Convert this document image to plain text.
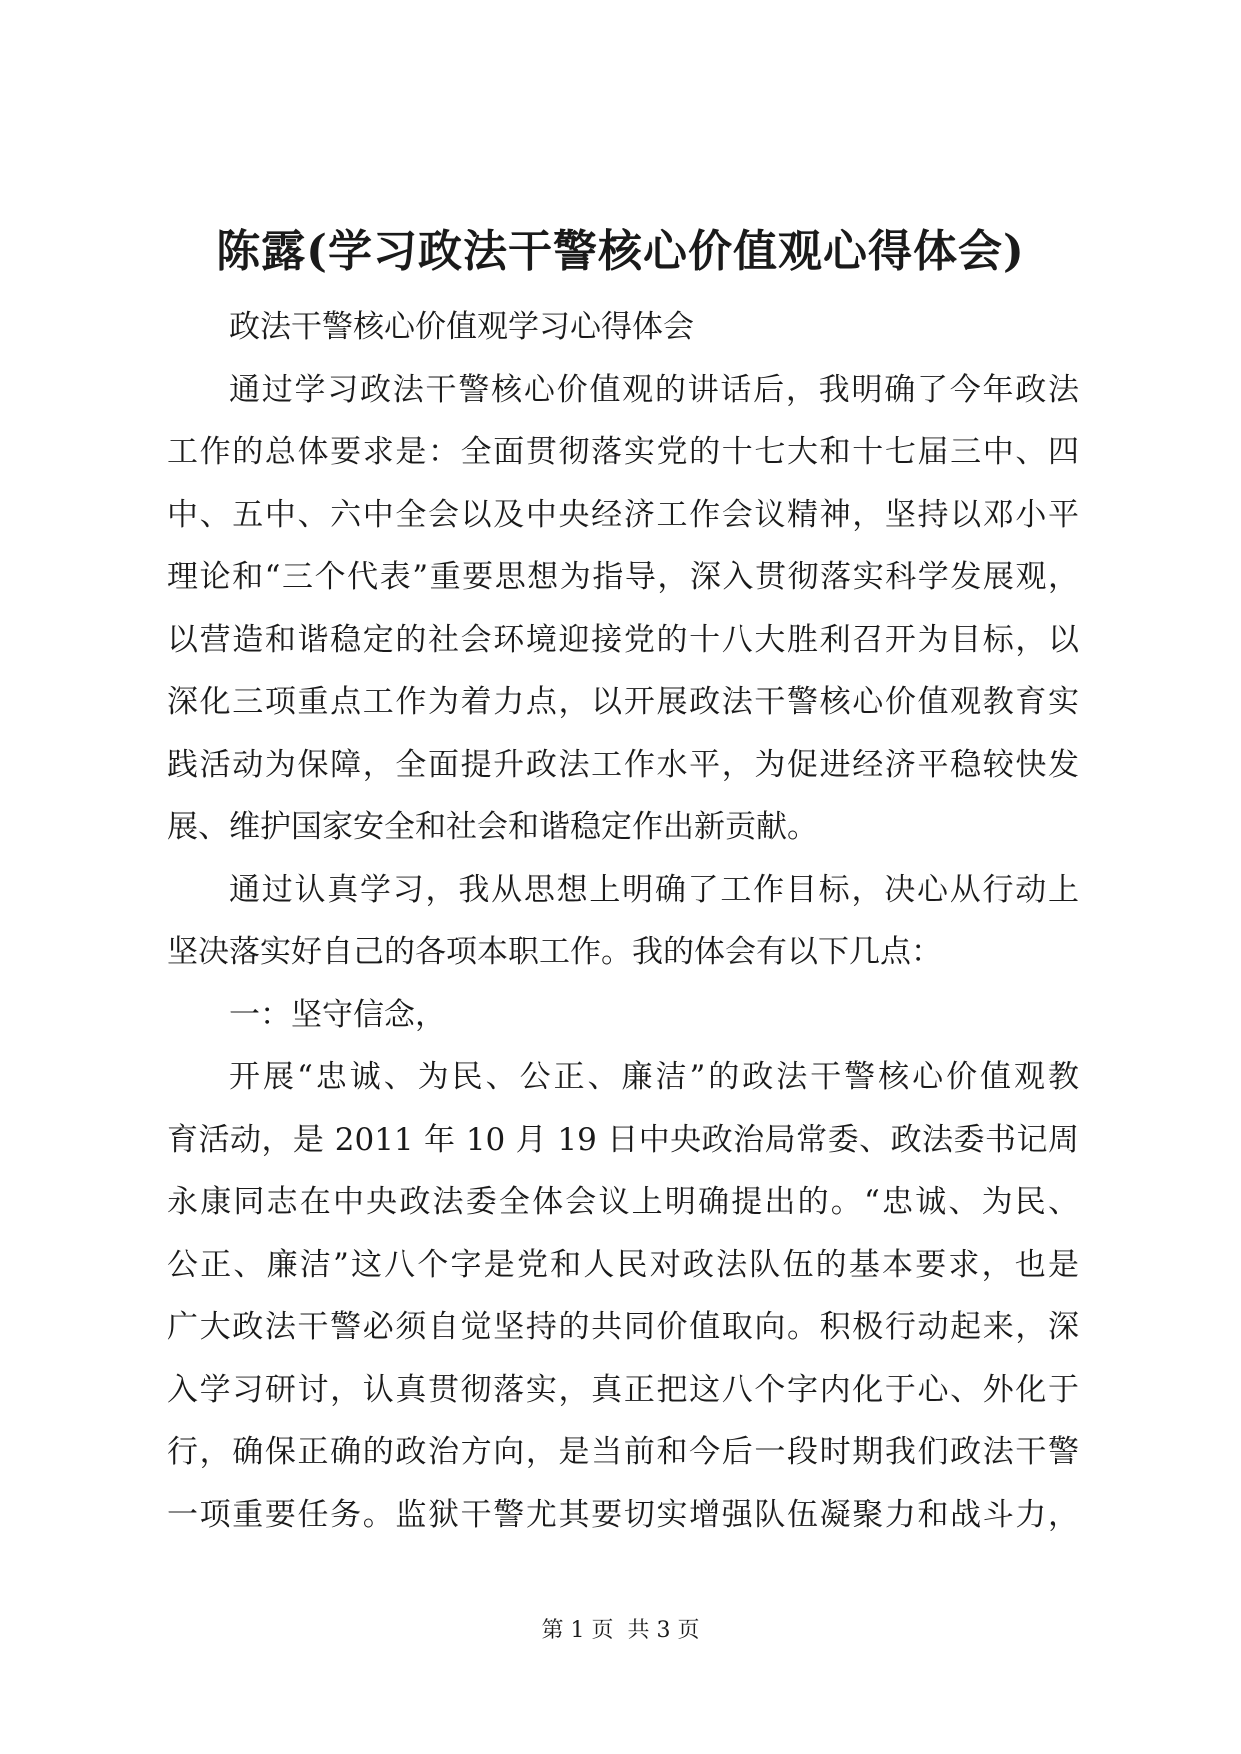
陈露(学习政法干警核心价值观心得体会)

政法干警核心价值观学习心得体会

通过学习政法干警核心价值观的讲话后，我明确了今年政法

工作的总体要求是：全面贯彻落实党的十七大和十七届三中、四

中、五中、六中全会以及中央经济工作会议精神，坚持以邓小平

理论和“三个代表”重要思想为指导，深入贯彻落实科学发展观，

以营造和谐稳定的社会环境迎接党的十八大胜利召开为目标，以

深化三项重点工作为着力点，以开展政法干警核心价值观教育实

践活动为保障，全面提升政法工作水平，为促进经济平稳较快发

展、维护国家安全和社会和谐稳定作出新贡献。

通过认真学习，我从思想上明确了工作目标，决心从行动上

坚决落实好自己的各项本职工作。我的体会有以下几点：

一：坚守信念，

开展“忠诚、为民、公正、廉洁”的政法干警核心价值观教

育活动，是 2011 年 10 月 19 日中央政治局常委、政法委书记周

永康同志在中央政法委全体会议上明确提出的。“忠诚、为民、

公正、廉洁”这八个字是党和人民对政法队伍的基本要求，也是

广大政法干警必须自觉坚持的共同价值取向。积极行动起来，深

入学习研讨，认真贯彻落实，真正把这八个字内化于心、外化于

行，确保正确的政治方向，是当前和今后一段时期我们政法干警

一项重要任务。监狱干警尤其要切实增强队伍凝聚力和战斗力，

第 1 页  共 3 页
